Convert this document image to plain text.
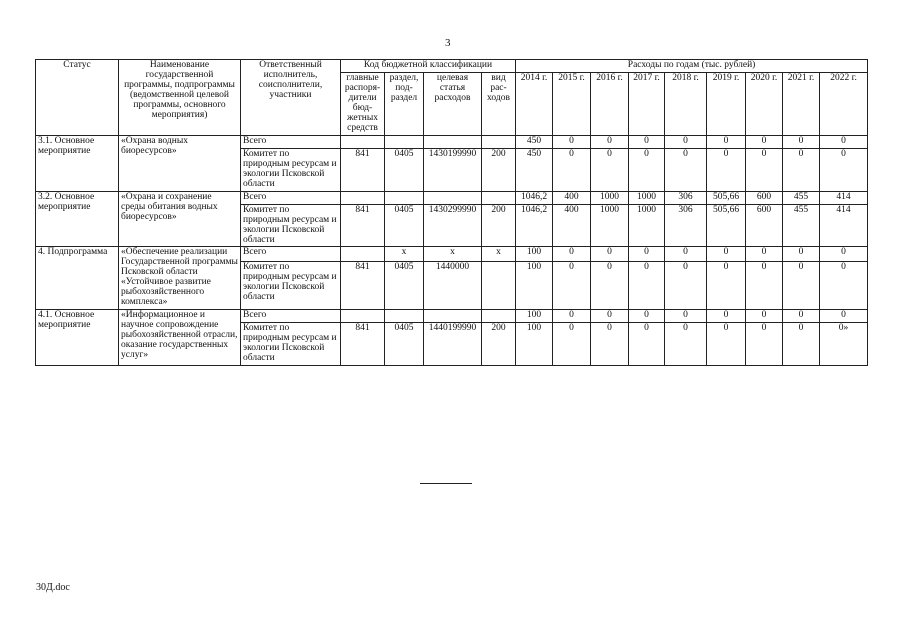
3
Статус	Наименование государственной программы, подпрограммы (ведомственной целевой программы, основного мероприятия)	Ответственный исполнитель, соисполнители, участники	Код бюджетной классификации				Расходы по годам (тыс. рублей)								
			главные распоря-дители бюд-жетных средств	раздел, под-раздел	целевая статья расходов	вид рас-ходов	2014 г.	2015 г.	2016 г.	2017 г.	2018 г.	2019 г.	2020 г.	2021 г.	2022 г.
3.1. Основное мероприятие	«Охрана водных биоресурсов»	Всего					450	0	0	0	0	0	0	0	0
		Комитет по природным ресурсам и экологии Псковской области	841	0405	1430199990	200	450	0	0	0	0	0	0	0	0
3.2. Основное мероприятие	«Охрана и сохранение среды обитания водных биоресурсов»	Всего					1046,2	400	1000	1000	306	505,66	600	455	414
		Комитет по природным ресурсам и экологии Псковской области	841	0405	1430299990	200	1046,2	400	1000	1000	306	505,66	600	455	414
4. Подпрограмма	«Обеспечение реализации Государственной программы Псковской области «Устойчивое развитие рыбохозяйственного комплекса»	Всего		х	х	х	100	0	0	0	0	0	0	0	0
		Комитет по природным ресурсам и экологии Псковской области	841	0405	1440000		100	0	0	0	0	0	0	0	0
4.1. Основное мероприятие	«Информационное и научное сопровождение рыбохозяйственной отрасли, оказание государственных услуг»	Всего					100	0	0	0	0	0	0	0	0
		Комитет по природным ресурсам и экологии Псковской области	841	0405	1440199990	200	100	0	0	0	0	0	0	0	0»
30Д.doc
